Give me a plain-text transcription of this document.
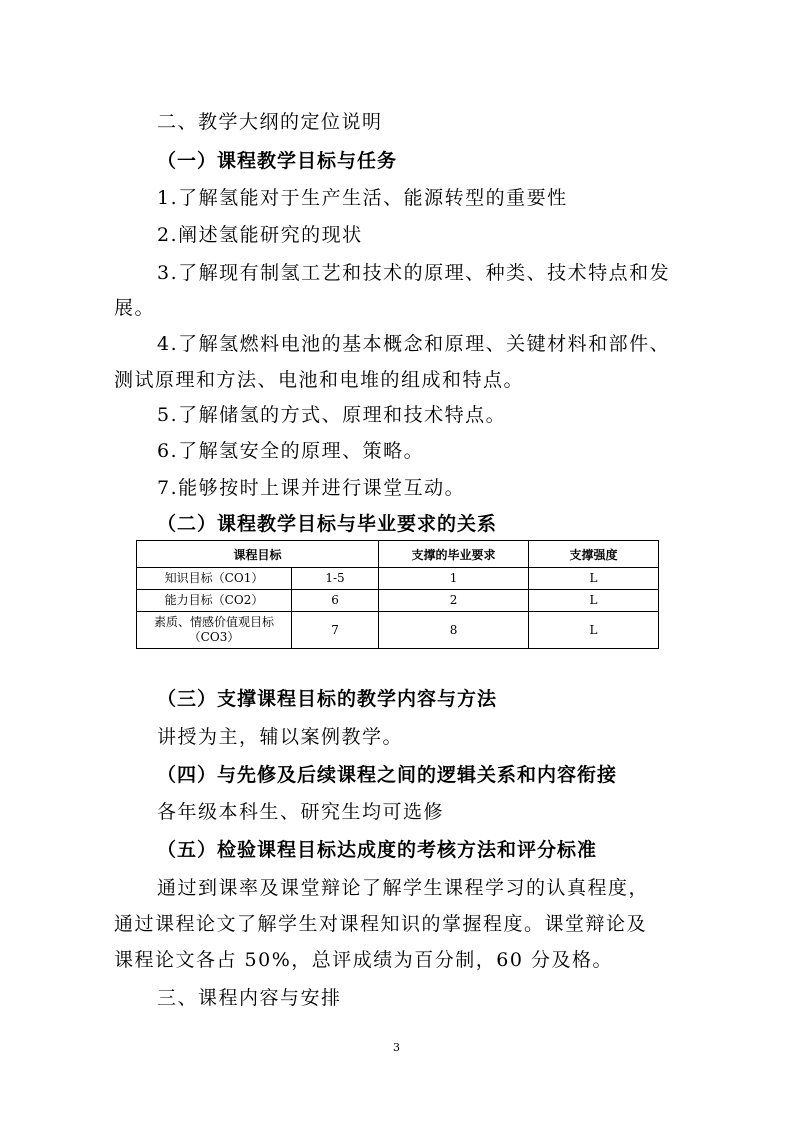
二、教学大纲的定位说明
（一）课程教学目标与任务
1.了解氢能对于生产生活、能源转型的重要性
2.阐述氢能研究的现状
3.了解现有制氢工艺和技术的原理、种类、技术特点和发
展。
4.了解氢燃料电池的基本概念和原理、关键材料和部件、
测试原理和方法、电池和电堆的组成和特点。
5.了解储氢的方式、原理和技术特点。
6.了解氢安全的原理、策略。
7.能够按时上课并进行课堂互动。
（二）课程教学目标与毕业要求的关系
课程目标		支撑的毕业要求	支撑强度
知识目标（CO1）	1-5	1	L
能力目标（CO2）	6	2	L

素质、情感价值观目标
（CO3）	7	8	L
（三）支撑课程目标的教学内容与方法
讲授为主，辅以案例教学。
（四）与先修及后续课程之间的逻辑关系和内容衔接
各年级本科生、研究生均可选修
（五）检验课程目标达成度的考核方法和评分标准
通过到课率及课堂辩论了解学生课程学习的认真程度，
通过课程论文了解学生对课程知识的掌握程度。课堂辩论及
课程论文各占 50%，总评成绩为百分制，60 分及格。
三、课程内容与安排
3
